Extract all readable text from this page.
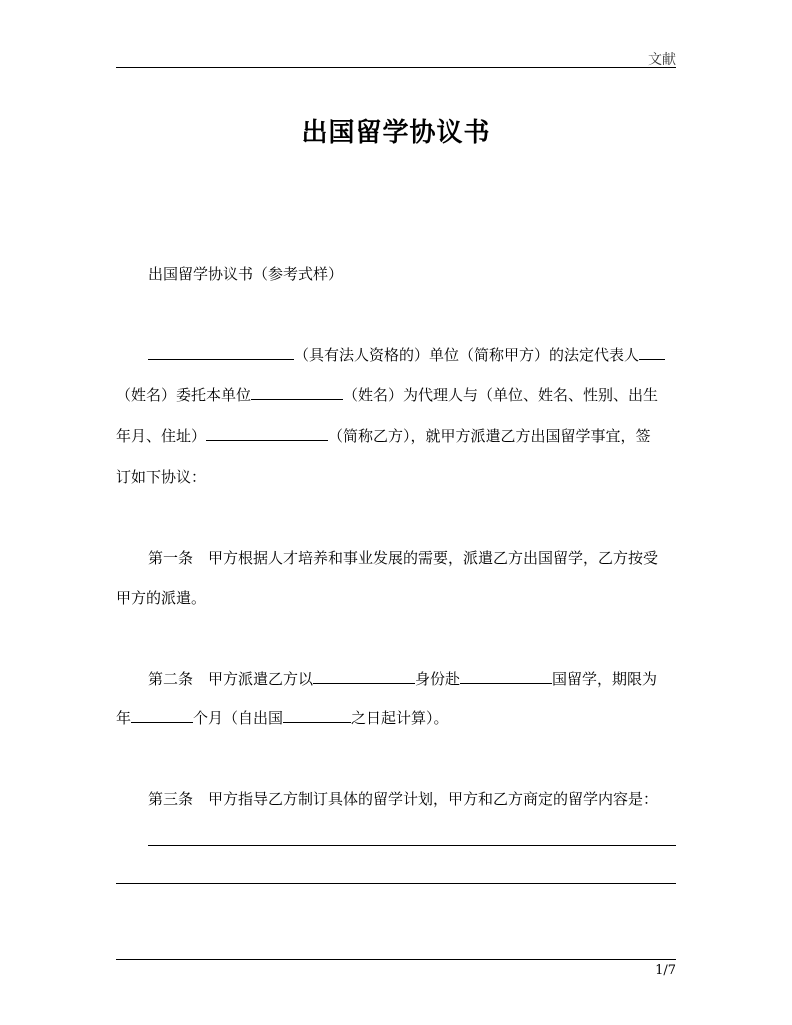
文献
出国留学协议书
出国留学协议书（参考式样）
（具有法人资格的）单位（简称甲方）的法定代表人
（姓名）委托本单位	（姓名）为代理人与（单位、姓名、性别、出生
年月、住址）	（简称乙方），就甲方派遣乙方出国留学事宜，签
订如下协议：
第一条　甲方根据人才培养和事业发展的需要，派遣乙方出国留学，乙方按受
甲方的派遣。
第二条　甲方派遣乙方以	身份赴	国留学，期限为
年	个月（自出国	之日起计算）。
第三条　甲方指导乙方制订具体的留学计划，甲方和乙方商定的留学内容是：
1/7
